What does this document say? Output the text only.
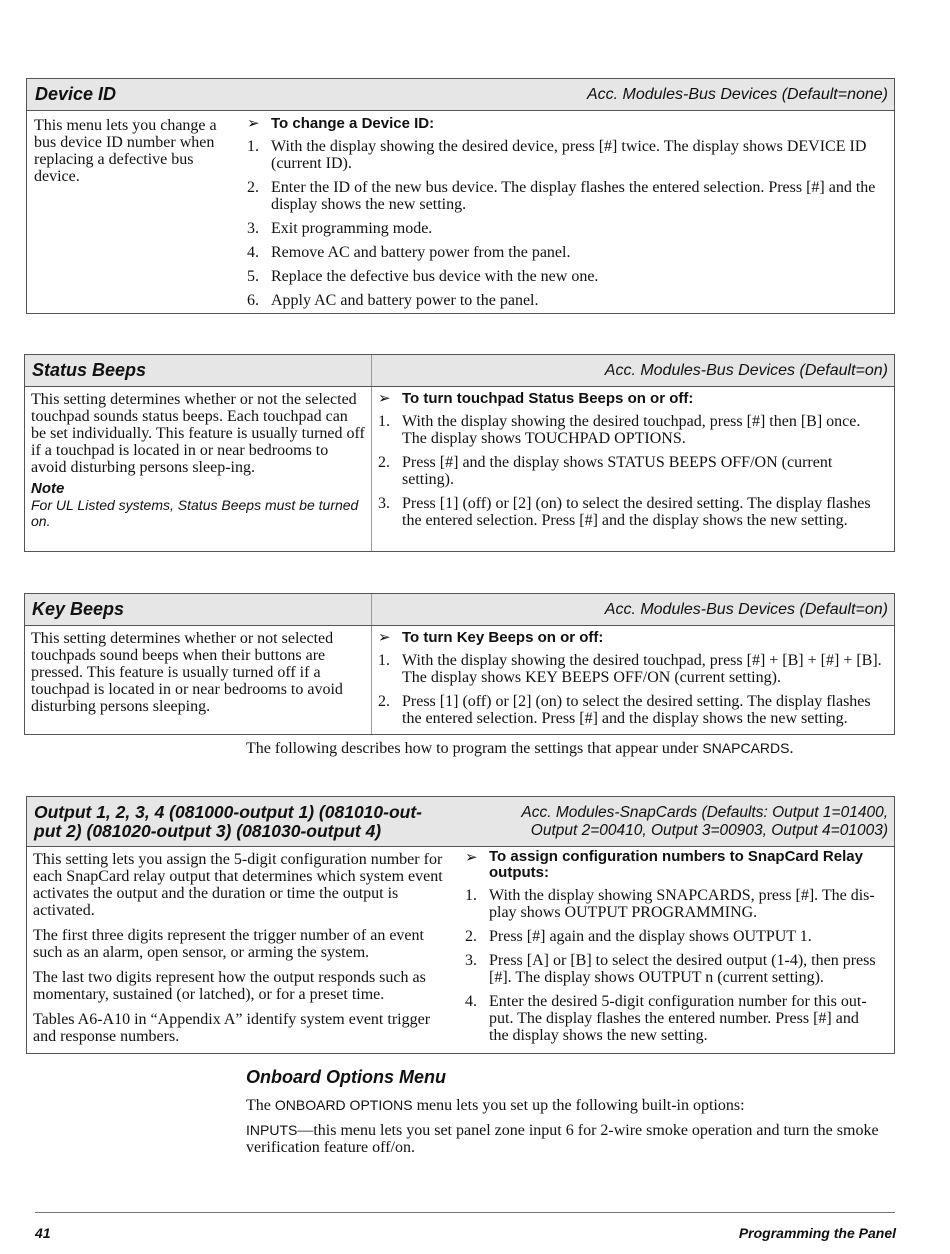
Device ID	Acc. Modules-Bus Devices (Default=none)
This menu lets you change a bus device ID number when replacing a defective bus device.
➢ To change a Device ID:
1. With the display showing the desired device, press [#] twice. The display shows DEVICE ID (current ID).
2. Enter the ID of the new bus device. The display flashes the entered selection. Press [#] and the display shows the new setting.
3. Exit programming mode.
4. Remove AC and battery power from the panel.
5. Replace the defective bus device with the new one.
6. Apply AC and battery power to the panel.
Status Beeps	Acc. Modules-Bus Devices (Default=on)
This setting determines whether or not the selected touchpad sounds status beeps. Each touchpad can be set individually. This feature is usually turned off if a touchpad is located in or near bedrooms to avoid disturbing persons sleep-ing.
Note
For UL Listed systems, Status Beeps must be turned on.
➢ To turn touchpad Status Beeps on or off:
1. With the display showing the desired touchpad, press [#] then [B] once. The display shows TOUCHPAD OPTIONS.
2. Press [#] and the display shows STATUS BEEPS OFF/ON (current setting).
3. Press [1] (off) or [2] (on) to select the desired setting. The display flashes the entered selection. Press [#] and the display shows the new setting.
Key Beeps	Acc. Modules-Bus Devices (Default=on)
This setting determines whether or not selected touchpads sound beeps when their buttons are pressed. This feature is usually turned off if a touchpad is located in or near bedrooms to avoid disturbing persons sleeping.
➢ To turn Key Beeps on or off:
1. With the display showing the desired touchpad, press [#] + [B] + [#] + [B]. The display shows KEY BEEPS OFF/ON (current setting).
2. Press [1] (off) or [2] (on) to select the desired setting. The display flashes the entered selection. Press [#] and the display shows the new setting.
The following describes how to program the settings that appear under SNAPCARDS.
Output 1, 2, 3, 4 (081000-output 1) (081010-out-
put 2) (081020-output 3) (081030-output 4)
Acc. Modules-SnapCards (Defaults: Output 1=01400,
Output 2=00410, Output 3=00903, Output 4=01003)

This setting lets you assign the 5-digit configuration number for each SnapCard relay output that determines which system event activates the output and the duration or time the output is activated.

The first three digits represent the trigger number of an event such as an alarm, open sensor, or arming the system.

The last two digits represent how the output responds such as momentary, sustained (or latched), or for a preset time.

Tables A6-A10 in “Appendix A” identify system event trigger and response numbers.

➢ To assign configuration numbers to SnapCard Relay outputs:
1. With the display showing SNAPCARDS, press [#]. The dis-play shows OUTPUT PROGRAMMING.
2. Press [#] again and the display shows OUTPUT 1.
3. Press [A] or [B] to select the desired output (1-4), then press [#]. The display shows OUTPUT n (current setting).
4. Enter the desired 5-digit configuration number for this out-put. The display flashes the entered number. Press [#] and the display shows the new setting.
Onboard Options Menu
The ONBOARD OPTIONS menu lets you set up the following built-in options:
INPUTS—this menu lets you set panel zone input 6 for 2-wire smoke operation and turn the smoke verification feature off/on.
41	Programming the Panel
